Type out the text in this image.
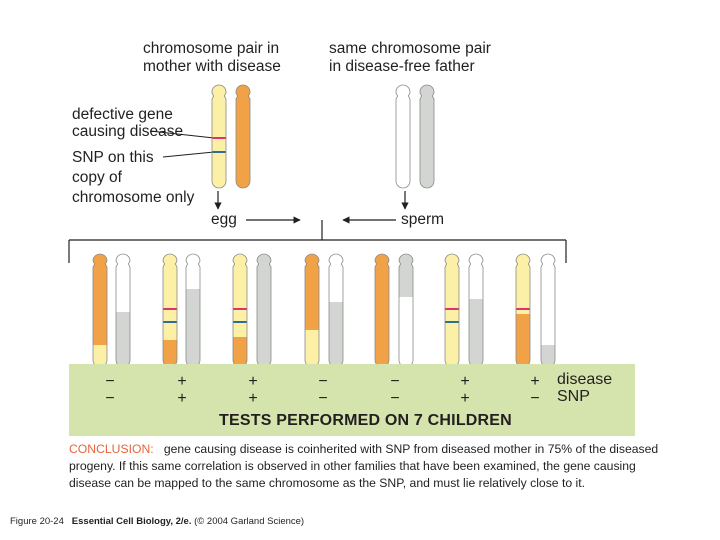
chromosome pair in
mother with disease
same chromosome pair
in disease-free father
defective gene
causing disease
SNP on this
copy of
chromosome only
egg	sperm
−
−
+
+
+
+
−
−
−
−
+
+
+
−
disease
SNP
TESTS PERFORMED ON 7 CHILDREN
CONCLUSION: gene causing disease is coinherited with SNP from diseased mother in 75% of the diseased progeny. If this same correlation is observed in other families that have been examined, the gene causing disease can be mapped to the same chromosome as the SNP, and must lie relatively close to it.
Figure 20-24 Essential Cell Biology, 2/e. (© 2004 Garland Science)
